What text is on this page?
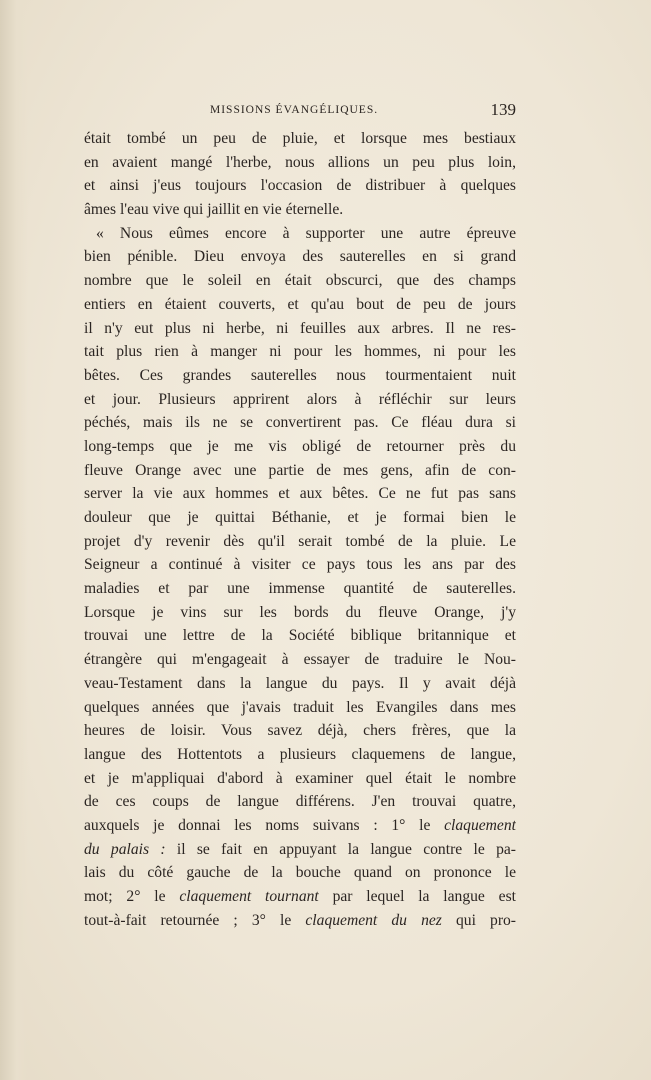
MISSIONS ÉVANGÉLIQUES.	139
était tombé un peu de pluie, et lorsque mes bestiaux
en avaient mangé l'herbe, nous allions un peu plus loin,
et ainsi j'eus toujours l'occasion de distribuer à quelques
âmes l'eau vive qui jaillit en vie éternelle.
« Nous eûmes encore à supporter une autre épreuve
bien pénible. Dieu envoya des sauterelles en si grand
nombre que le soleil en était obscurci, que des champs
entiers en étaient couverts, et qu'au bout de peu de jours
il n'y eut plus ni herbe, ni feuilles aux arbres. Il ne res-
tait plus rien à manger ni pour les hommes, ni pour les
bêtes. Ces grandes sauterelles nous tourmentaient nuit
et jour. Plusieurs apprirent alors à réfléchir sur leurs
péchés, mais ils ne se convertirent pas. Ce fléau dura si
long-temps que je me vis obligé de retourner près du
fleuve Orange avec une partie de mes gens, afin de con-
server la vie aux hommes et aux bêtes. Ce ne fut pas sans
douleur que je quittai Béthanie, et je formai bien le
projet d'y revenir dès qu'il serait tombé de la pluie. Le
Seigneur a continué à visiter ce pays tous les ans par des
maladies et par une immense quantité de sauterelles.
Lorsque je vins sur les bords du fleuve Orange, j'y
trouvai une lettre de la Société biblique britannique et
étrangère qui m'engageait à essayer de traduire le Nou-
veau-Testament dans la langue du pays. Il y avait déjà
quelques années que j'avais traduit les Evangiles dans mes
heures de loisir. Vous savez déjà, chers frères, que la
langue des Hottentots a plusieurs claquemens de langue,
et je m'appliquai d'abord à examiner quel était le nombre
de ces coups de langue différens. J'en trouvai quatre,
auxquels je donnai les noms suivans : 1° le claquement
du palais : il se fait en appuyant la langue contre le pa-
lais du côté gauche de la bouche quand on prononce le
mot; 2° le claquement tournant par lequel la langue est
tout-à-fait retournée ; 3° le claquement du nez qui pro-
